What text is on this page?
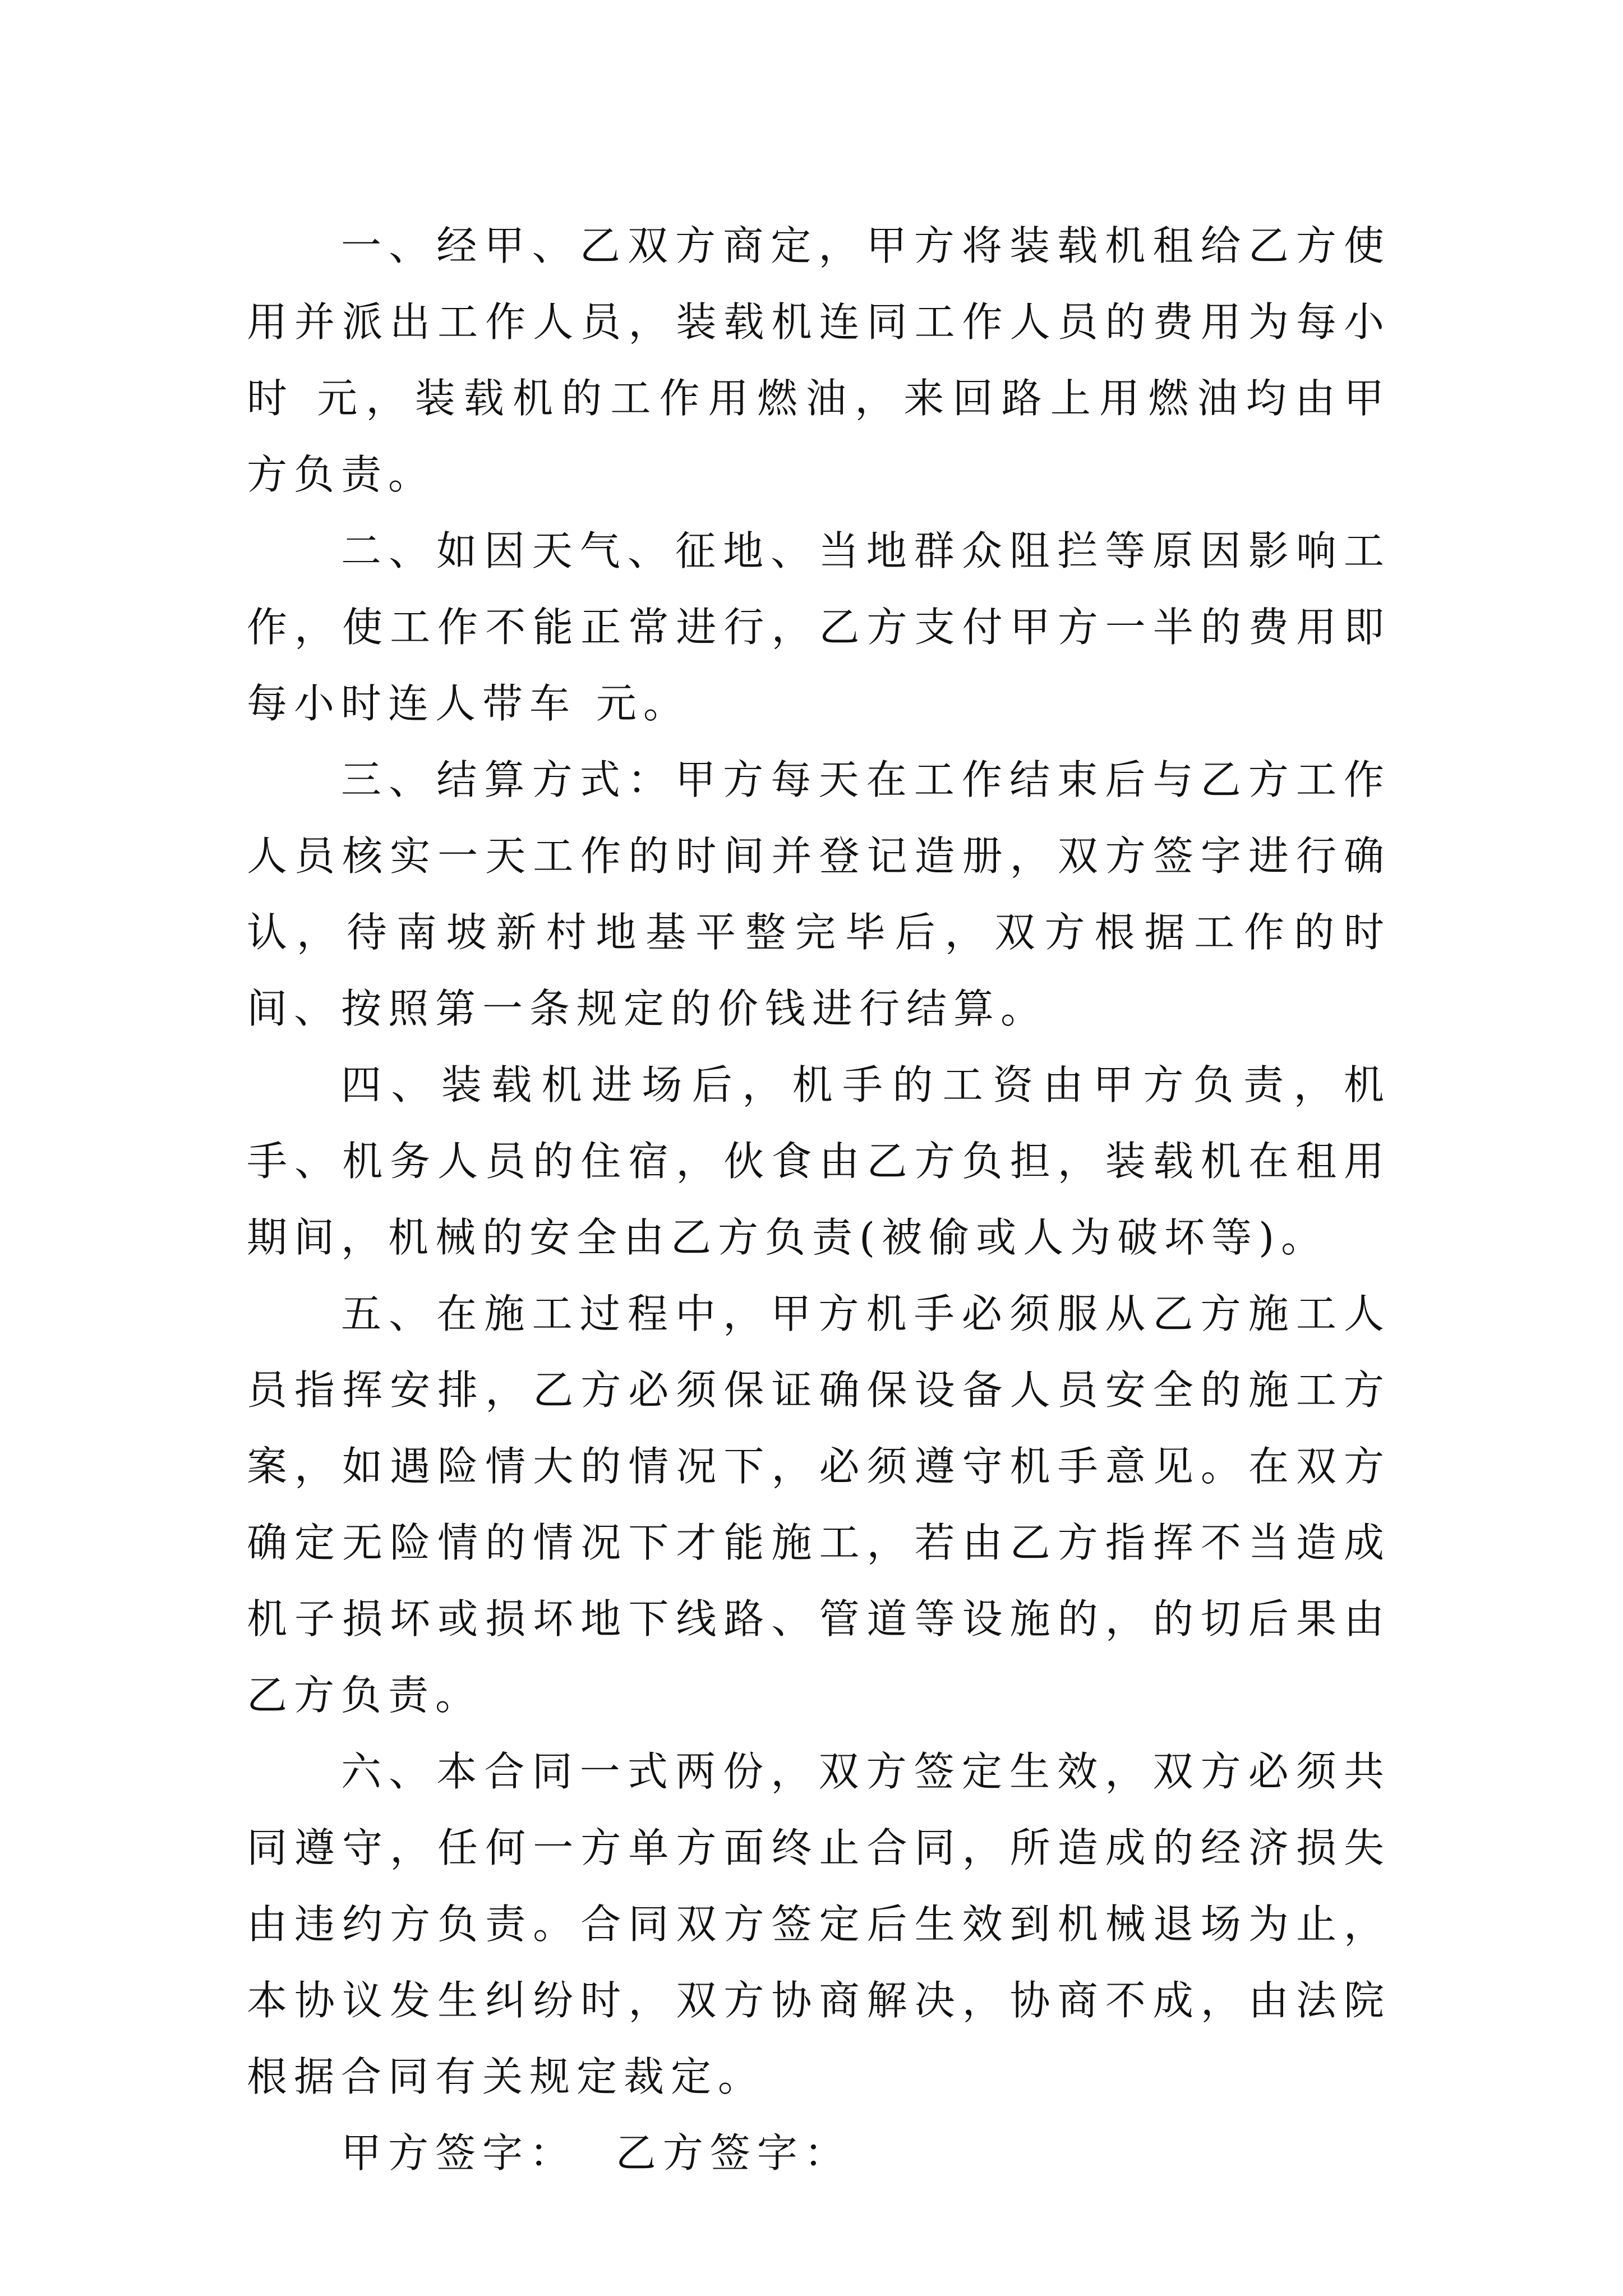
一、经甲、乙双方商定，甲方将装载机租给乙方使用并派出工作人员，装载机连同工作人员的费用为每小时 元，装载机的工作用燃油，来回路上用燃油均由甲方负责。

二、如因天气、征地、当地群众阻拦等原因影响工作，使工作不能正常进行，乙方支付甲方一半的费用即每小时连人带车 元。

三、结算方式：甲方每天在工作结束后与乙方工作人员核实一天工作的时间并登记造册，双方签字进行确认，待南坡新村地基平整完毕后，双方根据工作的时间、按照第一条规定的价钱进行结算。

四、装载机进场后，机手的工资由甲方负责，机手、机务人员的住宿，伙食由乙方负担，装载机在租用期间，机械的安全由乙方负责(被偷或人为破坏等)。

五、在施工过程中，甲方机手必须服从乙方施工人员指挥安排，乙方必须保证确保设备人员安全的施工方案，如遇险情大的情况下，必须遵守机手意见。在双方确定无险情的情况下才能施工，若由乙方指挥不当造成机子损坏或损坏地下线路、管道等设施的，的切后果由乙方负责。

六、本合同一式两份，双方签定生效，双方必须共同遵守，任何一方单方面终止合同，所造成的经济损失由违约方负责。合同双方签定后生效到机械退场为止，本协议发生纠纷时，双方协商解决，协商不成，由法院根据合同有关规定裁定。

甲方签字： 乙方签字：
